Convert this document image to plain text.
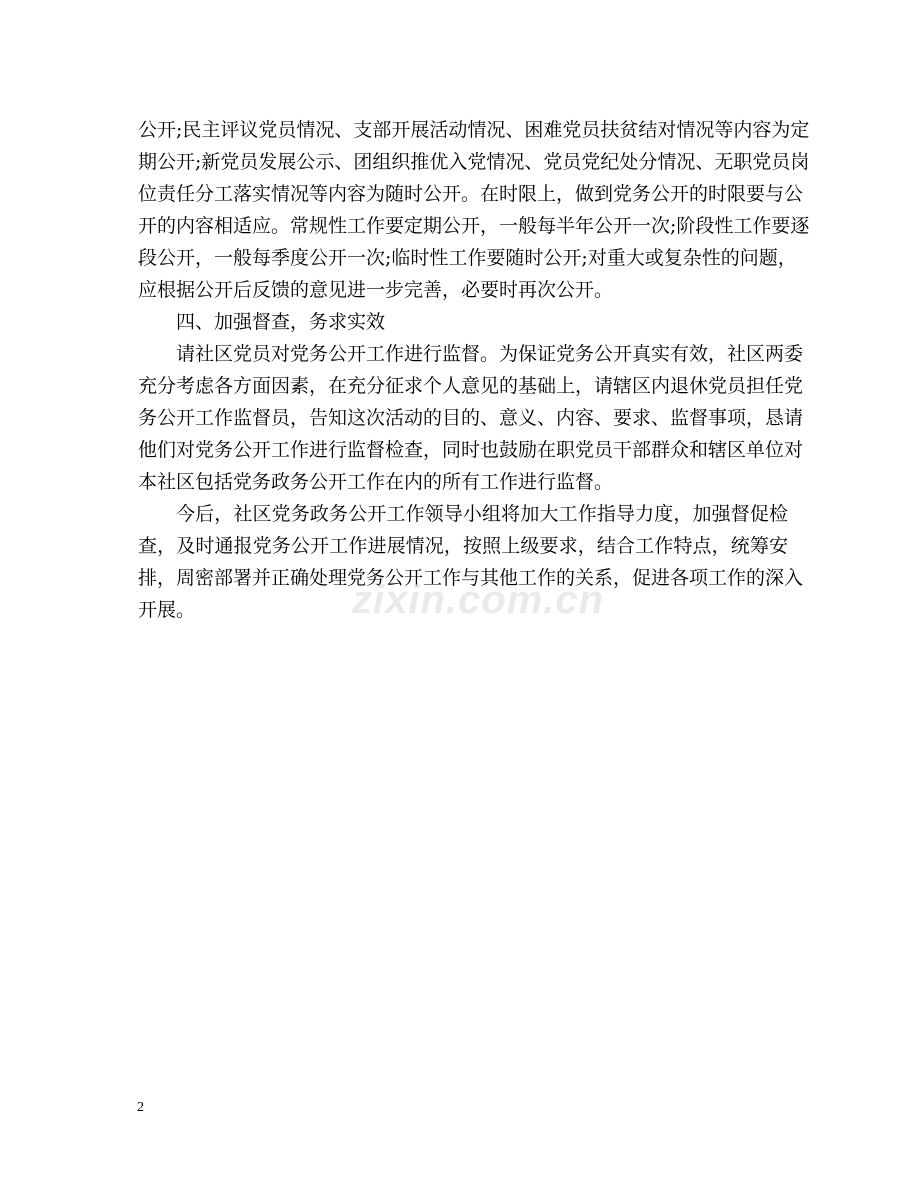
公开;民主评议党员情况、支部开展活动情况、困难党员扶贫结对情况等内容为定
期公开;新党员发展公示、团组织推优入党情况、党员党纪处分情况、无职党员岗
位责任分工落实情况等内容为随时公开。在时限上，做到党务公开的时限要与公
开的内容相适应。常规性工作要定期公开，一般每半年公开一次;阶段性工作要逐
段公开，一般每季度公开一次;临时性工作要随时公开;对重大或复杂性的问题，
应根据公开后反馈的意见进一步完善，必要时再次公开。
四、加强督查，务求实效
请社区党员对党务公开工作进行监督。为保证党务公开真实有效，社区两委
充分考虑各方面因素，在充分征求个人意见的基础上，请辖区内退休党员担任党
务公开工作监督员，告知这次活动的目的、意义、内容、要求、监督事项，恳请
他们对党务公开工作进行监督检查，同时也鼓励在职党员干部群众和辖区单位对
本社区包括党务政务公开工作在内的所有工作进行监督。
今后，社区党务政务公开工作领导小组将加大工作指导力度，加强督促检
查，及时通报党务公开工作进展情况，按照上级要求，结合工作特点，统筹安
排，周密部署并正确处理党务公开工作与其他工作的关系，促进各项工作的深入
开展。	zixin.com.cn
2
